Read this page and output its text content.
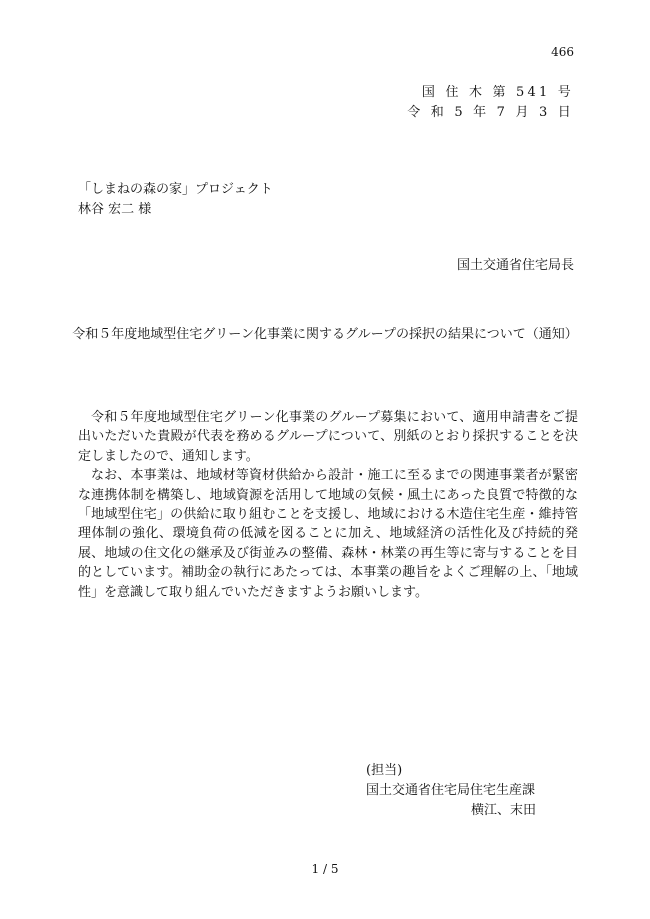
466
国 住 木 第 541 号
令 和 5 年 7 月 3 日
「しまねの森の家」プロジェクト
林谷 宏二 様
国土交通省住宅局長
令和５年度地域型住宅グリーン化事業に関するグループの採択の結果について（通知）

令和５年度地域型住宅グリーン化事業のグループ募集において、適用申請書をご提出いただいた貴殿が代表を務めるグループについて、別紙のとおり採択することを決定しましたので、通知します。

なお、本事業は、地域材等資材供給から設計・施工に至るまでの関連事業者が緊密な連携体制を構築し、地域資源を活用して地域の気候・風土にあった良質で特徴的な「地域型住宅」の供給に取り組むことを支援し、地域における木造住宅生産・維持管理体制の強化、環境負荷の低減を図ることに加え、地域経済の活性化及び持続的発展、地域の住文化の継承及び街並みの整備、森林・林業の再生等に寄与することを目的としています。補助金の執行にあたっては、本事業の趣旨をよくご理解の上、「地域性」を意識して取り組んでいただきますようお願いします。

(担当)
国土交通省住宅局住宅生産課
横江、末田
1 / 5
